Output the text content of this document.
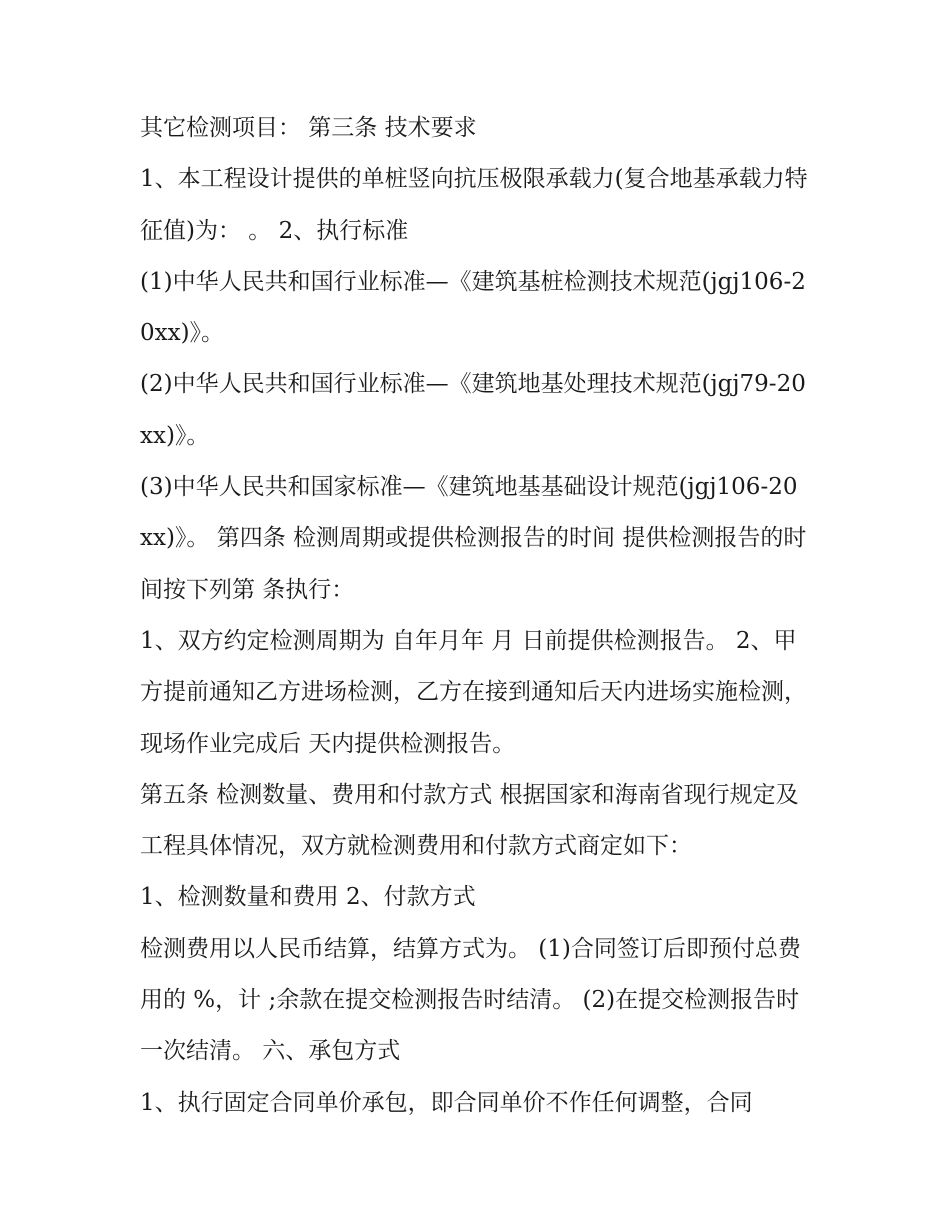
其它检测项目： 第三条 技术要求

1、本工程设计提供的单桩竖向抗压极限承载力(复合地基承载力特征值)为： 。 2、执行标准

(1)中华人民共和国行业标准—《建筑基桩检测技术规范(jgj106-20xx)》。

(2)中华人民共和国行业标准—《建筑地基处理技术规范(jgj79-20xx)》。

(3)中华人民共和国家标准—《建筑地基基础设计规范(jgj106-20xx)》。 第四条 检测周期或提供检测报告的时间 提供检测报告的时间按下列第 条执行：

1、双方约定检测周期为 自年月年 月 日前提供检测报告。 2、甲方提前通知乙方进场检测，乙方在接到通知后天内进场实施检测，现场作业完成后 天内提供检测报告。

第五条 检测数量、费用和付款方式 根据国家和海南省现行规定及工程具体情况，双方就检测费用和付款方式商定如下：

1、检测数量和费用 2、付款方式

检测费用以人民币结算，结算方式为。 (1)合同签订后即预付总费用的 %，计 ;余款在提交检测报告时结清。 (2)在提交检测报告时一次结清。 六、承包方式

1、执行固定合同单价承包，即合同单价不作任何调整，合同
